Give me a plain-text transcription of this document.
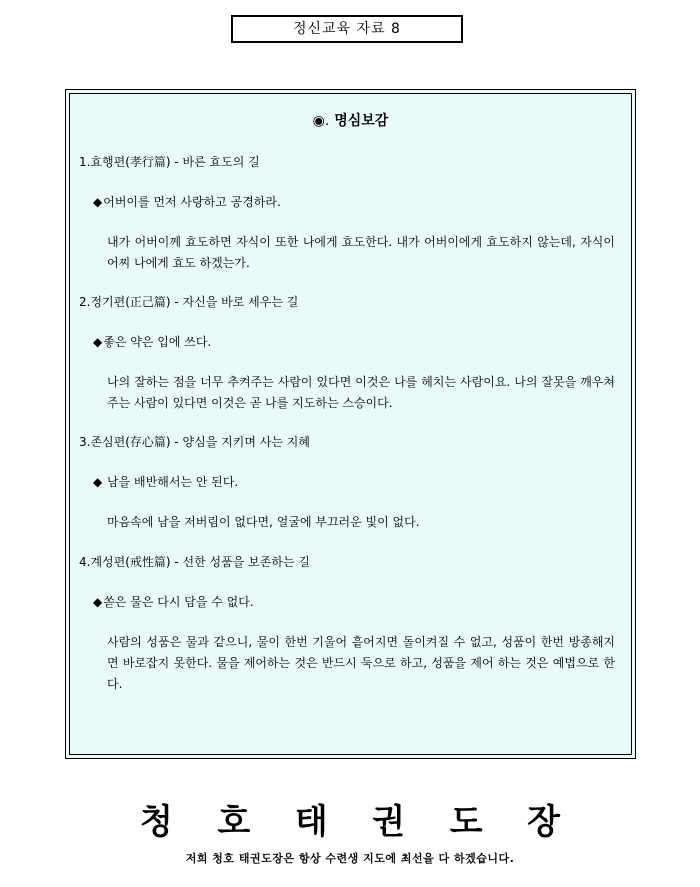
정신교육 자료 8
◉. 명심보감
1.효행편(孝行篇) - 바른 효도의 길
◆어버이를 먼저 사랑하고 공경하라.
내가 어버이께 효도하면 자식이 또한 나에게 효도한다. 내가 어버이에게 효도하지 않는데, 자식이 어찌 나에게 효도 하겠는가.
2.정기편(正己篇) - 자신을 바로 세우는 길
◆좋은 약은 입에 쓰다.
나의 잘하는 점을 너무 추켜주는 사람이 있다면 이것은 나를 헤치는 사람이요. 나의 잘못을 깨우쳐 주는 사람이 있다면 이것은 곧 나를 지도하는 스승이다.
3.존심편(存心篇) - 양심을 지키며 사는 지혜
◆ 남을 배반해서는 안 된다.
마음속에 남을 저버림이 없다면, 얼굴에 부끄러운 빛이 없다.
4.계성편(戒性篇) - 선한 성품을 보존하는 길
◆쏟은 물은 다시 담을 수 없다.
사람의 성품은 물과 같으니, 물이 한번 기울어 흩어지면 돌이켜질 수 없고, 성품이 한번 방종해지면 바로잡지 못한다. 물을 제어하는 것은 반드시 둑으로 하고, 성품을 제어 하는 것은 예법으로 한다.
청 호 태 권 도 장
저희 청호 태권도장은 항상 수련생 지도에 최선을 다 하겠습니다.
